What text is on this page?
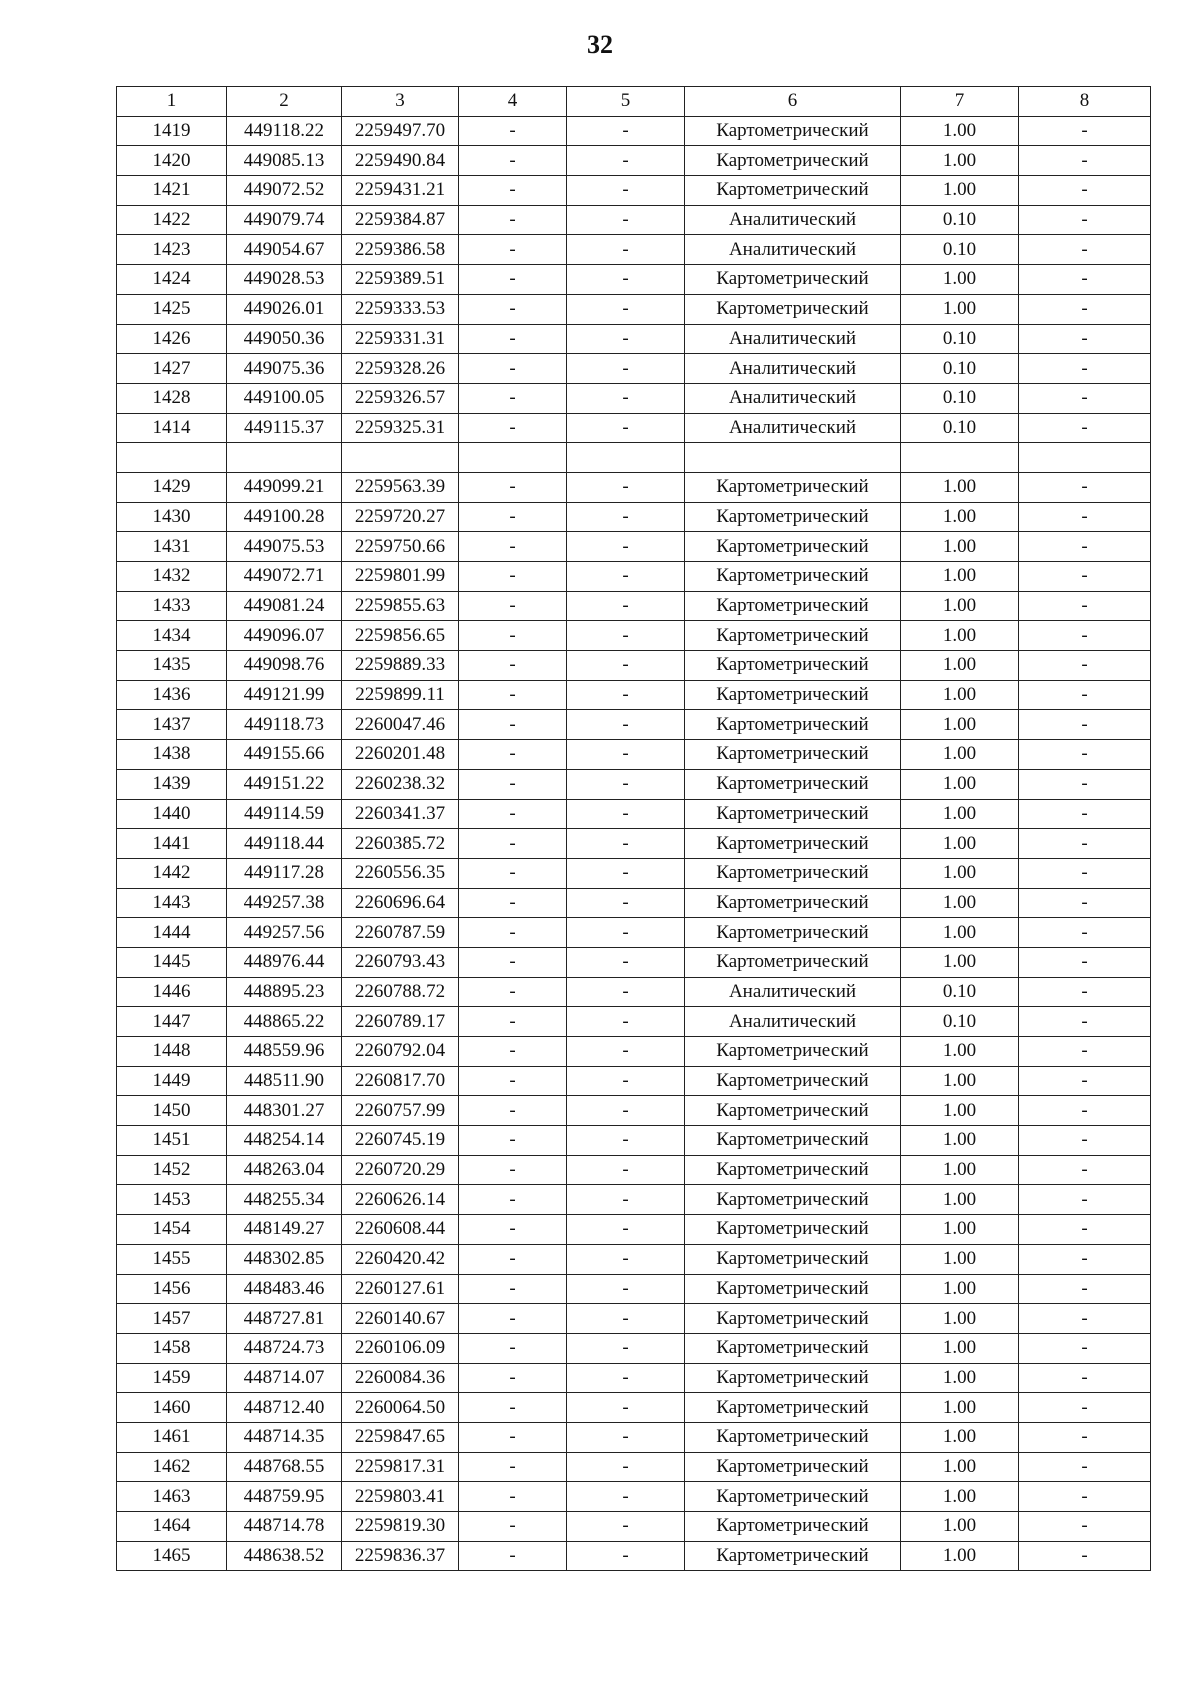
32
1	2	3	4	5	6	7	8
1419	449118.22	2259497.70	-	-	Картометрический	1.00	-
1420	449085.13	2259490.84	-	-	Картометрический	1.00	-
1421	449072.52	2259431.21	-	-	Картометрический	1.00	-
1422	449079.74	2259384.87	-	-	Аналитический	0.10	-
1423	449054.67	2259386.58	-	-	Аналитический	0.10	-
1424	449028.53	2259389.51	-	-	Картометрический	1.00	-
1425	449026.01	2259333.53	-	-	Картометрический	1.00	-
1426	449050.36	2259331.31	-	-	Аналитический	0.10	-
1427	449075.36	2259328.26	-	-	Аналитический	0.10	-
1428	449100.05	2259326.57	-	-	Аналитический	0.10	-
1414	449115.37	2259325.31	-	-	Аналитический	0.10	-

1429	449099.21	2259563.39	-	-	Картометрический	1.00	-
1430	449100.28	2259720.27	-	-	Картометрический	1.00	-
1431	449075.53	2259750.66	-	-	Картометрический	1.00	-
1432	449072.71	2259801.99	-	-	Картометрический	1.00	-
1433	449081.24	2259855.63	-	-	Картометрический	1.00	-
1434	449096.07	2259856.65	-	-	Картометрический	1.00	-
1435	449098.76	2259889.33	-	-	Картометрический	1.00	-
1436	449121.99	2259899.11	-	-	Картометрический	1.00	-
1437	449118.73	2260047.46	-	-	Картометрический	1.00	-
1438	449155.66	2260201.48	-	-	Картометрический	1.00	-
1439	449151.22	2260238.32	-	-	Картометрический	1.00	-
1440	449114.59	2260341.37	-	-	Картометрический	1.00	-
1441	449118.44	2260385.72	-	-	Картометрический	1.00	-
1442	449117.28	2260556.35	-	-	Картометрический	1.00	-
1443	449257.38	2260696.64	-	-	Картометрический	1.00	-
1444	449257.56	2260787.59	-	-	Картометрический	1.00	-
1445	448976.44	2260793.43	-	-	Картометрический	1.00	-
1446	448895.23	2260788.72	-	-	Аналитический	0.10	-
1447	448865.22	2260789.17	-	-	Аналитический	0.10	-
1448	448559.96	2260792.04	-	-	Картометрический	1.00	-
1449	448511.90	2260817.70	-	-	Картометрический	1.00	-
1450	448301.27	2260757.99	-	-	Картометрический	1.00	-
1451	448254.14	2260745.19	-	-	Картометрический	1.00	-
1452	448263.04	2260720.29	-	-	Картометрический	1.00	-
1453	448255.34	2260626.14	-	-	Картометрический	1.00	-
1454	448149.27	2260608.44	-	-	Картометрический	1.00	-
1455	448302.85	2260420.42	-	-	Картометрический	1.00	-
1456	448483.46	2260127.61	-	-	Картометрический	1.00	-
1457	448727.81	2260140.67	-	-	Картометрический	1.00	-
1458	448724.73	2260106.09	-	-	Картометрический	1.00	-
1459	448714.07	2260084.36	-	-	Картометрический	1.00	-
1460	448712.40	2260064.50	-	-	Картометрический	1.00	-
1461	448714.35	2259847.65	-	-	Картометрический	1.00	-
1462	448768.55	2259817.31	-	-	Картометрический	1.00	-
1463	448759.95	2259803.41	-	-	Картометрический	1.00	-
1464	448714.78	2259819.30	-	-	Картометрический	1.00	-
1465	448638.52	2259836.37	-	-	Картометрический	1.00	-
